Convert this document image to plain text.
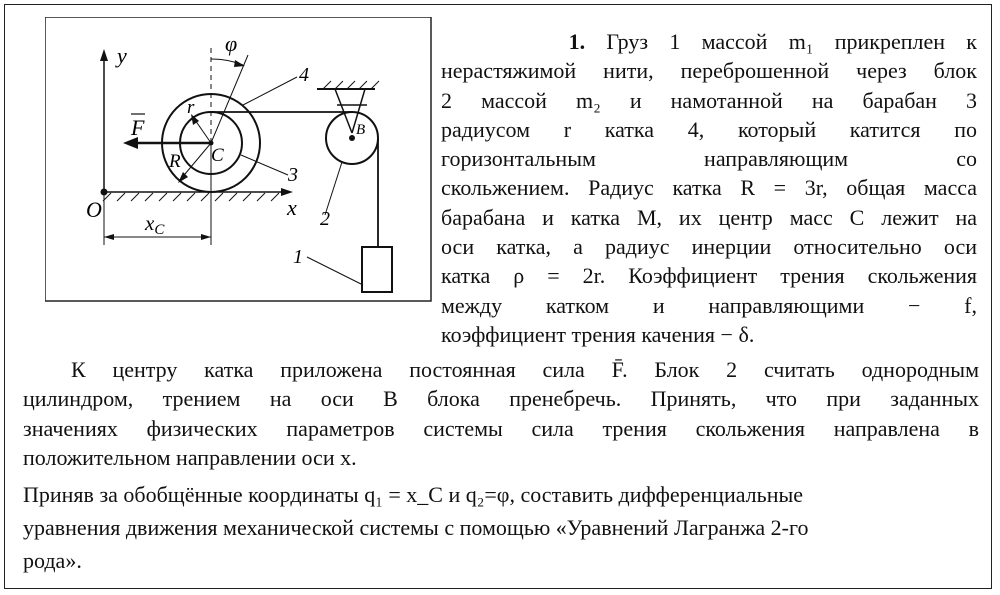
y
x
O
φ
F
r
R C
B
xC
4
3
2
1
1. Груз 1 массой m₁ прикреплен к
нерастяжимой нити, переброшенной через блок
2 массой m₂ и намотанной на барабан 3
радиусом r катка 4, который катится по
горизонтальным направляющим со
скольжением. Радиус катка R = 3r, общая масса
барабана и катка M, их центр масс C лежит на
оси катка, а радиус инерции относительно оси
катка ρ = 2r. Коэффициент трения скольжения
между катком и направляющими − f,
коэффициент трения качения − δ.
К центру катка приложена постоянная сила F̄. Блок 2 считать однородным
цилиндром, трением на оси B блока пренебречь. Принять, что при заданных
значениях физических параметров системы сила трения скольжения направлена в
положительном направлении оси x.
Приняв за обобщённые координаты q₁ = x_C и q₂=φ, составить дифференциальные
уравнения движения механической системы с помощью «Уравнений Лагранжа 2-го
рода».
